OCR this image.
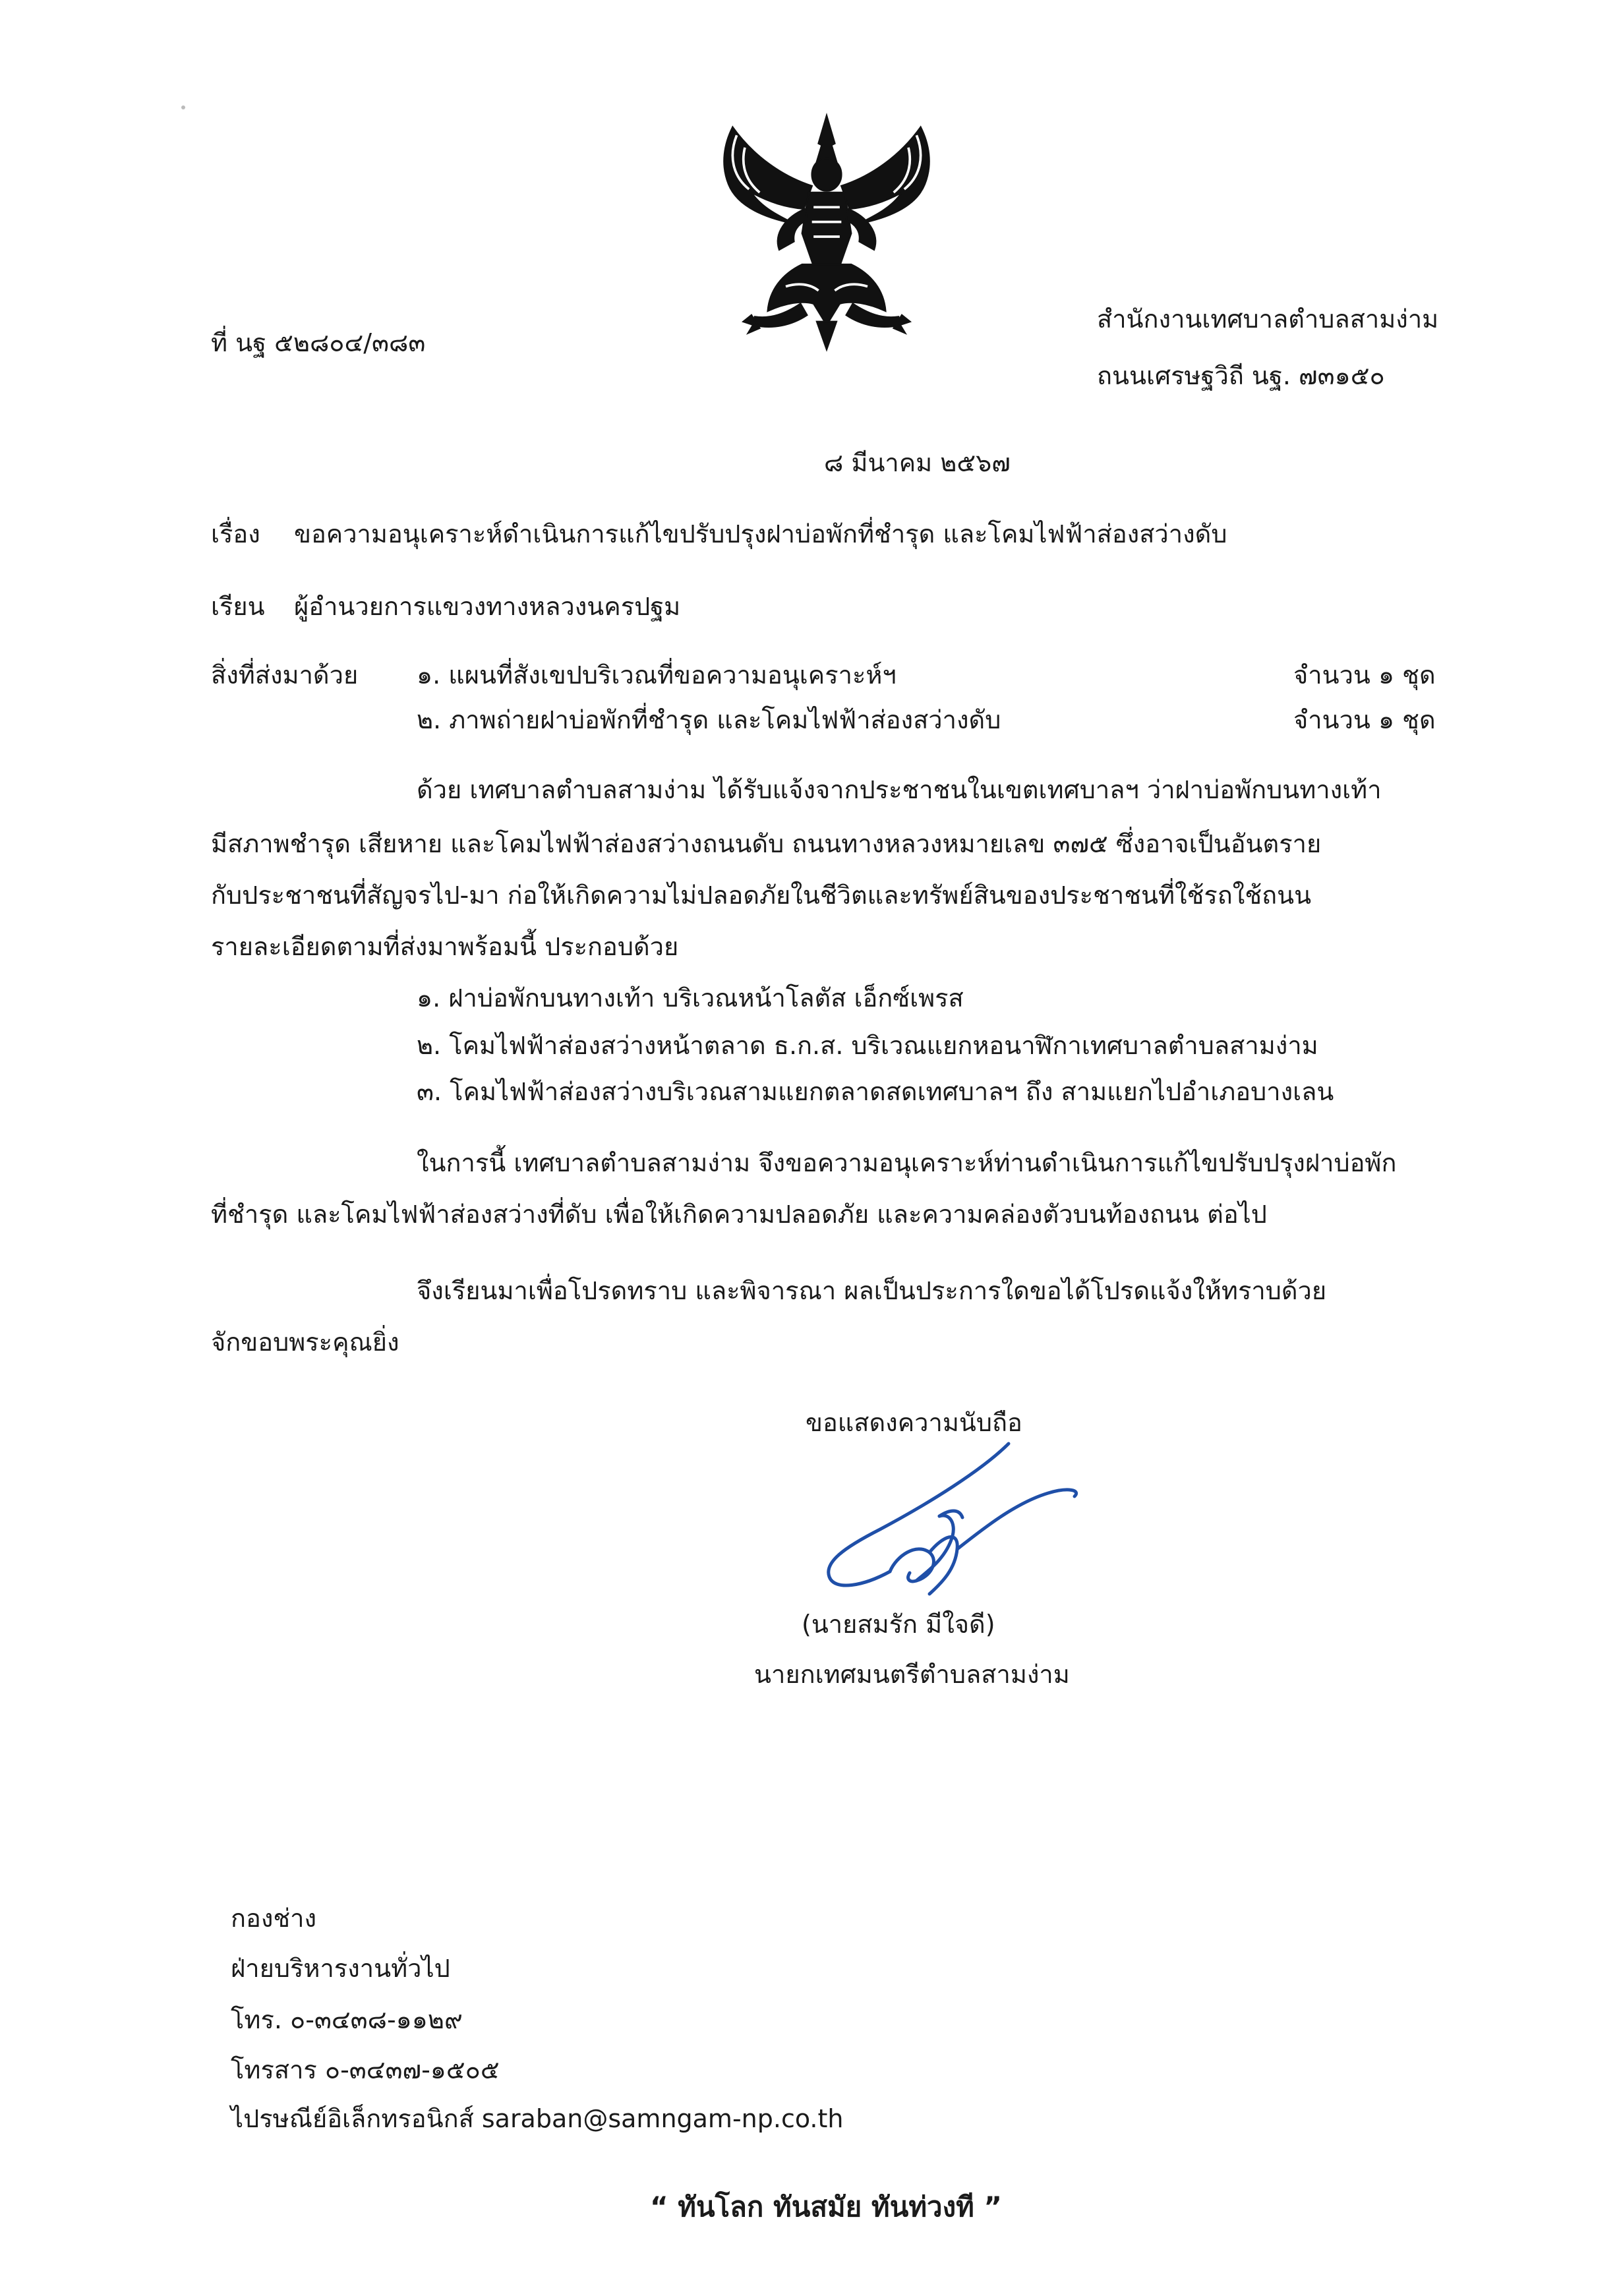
ที่ นฐ ๕๒๘๐๔/๓๘๓
สำนักงานเทศบาลตำบลสามง่าม
ถนนเศรษฐวิถี นฐ. ๗๓๑๕๐
๘ มีนาคม ๒๕๖๗
เรื่อง ขอความอนุเคราะห์ดำเนินการแก้ไขปรับปรุงฝาบ่อพักที่ชำรุด และโคมไฟฟ้าส่องสว่างดับ
เรียน ผู้อำนวยการแขวงทางหลวงนครปฐม
สิ่งที่ส่งมาด้วย ๑. แผนที่สังเขปบริเวณที่ขอความอนุเคราะห์ฯ	จำนวน ๑ ชุด
๒. ภาพถ่ายฝาบ่อพักที่ชำรุด และโคมไฟฟ้าส่องสว่างดับ	จำนวน ๑ ชุด
ด้วย เทศบาลตำบลสามง่าม ได้รับแจ้งจากประชาชนในเขตเทศบาลฯ ว่าฝาบ่อพักบนทางเท้า
มีสภาพชำรุด เสียหาย และโคมไฟฟ้าส่องสว่างถนนดับ ถนนทางหลวงหมายเลข ๓๗๕ ซึ่งอาจเป็นอันตราย
กับประชาชนที่สัญจรไป-มา ก่อให้เกิดความไม่ปลอดภัยในชีวิตและทรัพย์สินของประชาชนที่ใช้รถใช้ถนน
รายละเอียดตามที่ส่งมาพร้อมนี้ ประกอบด้วย
๑. ฝาบ่อพักบนทางเท้า บริเวณหน้าโลตัส เอ็กซ์เพรส
๒. โคมไฟฟ้าส่องสว่างหน้าตลาด ธ.ก.ส. บริเวณแยกหอนาฬิกาเทศบาลตำบลสามง่าม
๓. โคมไฟฟ้าส่องสว่างบริเวณสามแยกตลาดสดเทศบาลฯ ถึง สามแยกไปอำเภอบางเลน
ในการนี้ เทศบาลตำบลสามง่าม จึงขอความอนุเคราะห์ท่านดำเนินการแก้ไขปรับปรุงฝาบ่อพัก
ที่ชำรุด และโคมไฟฟ้าส่องสว่างที่ดับ เพื่อให้เกิดความปลอดภัย และความคล่องตัวบนท้องถนน ต่อไป
จึงเรียนมาเพื่อโปรดทราบ และพิจารณา ผลเป็นประการใดขอได้โปรดแจ้งให้ทราบด้วย
จักขอบพระคุณยิ่ง
ขอแสดงความนับถือ
(นายสมรัก มีใจดี)
นายกเทศมนตรีตำบลสามง่าม
กองช่าง
ฝ่ายบริหารงานทั่วไป
โทร. ๐-๓๔๓๘-๑๑๒๙
โทรสาร ๐-๓๔๓๗-๑๕๐๕
ไปรษณีย์อิเล็กทรอนิกส์ saraban@samngam-np.co.th
“ ทันโลก ทันสมัย ทันท่วงที ”
